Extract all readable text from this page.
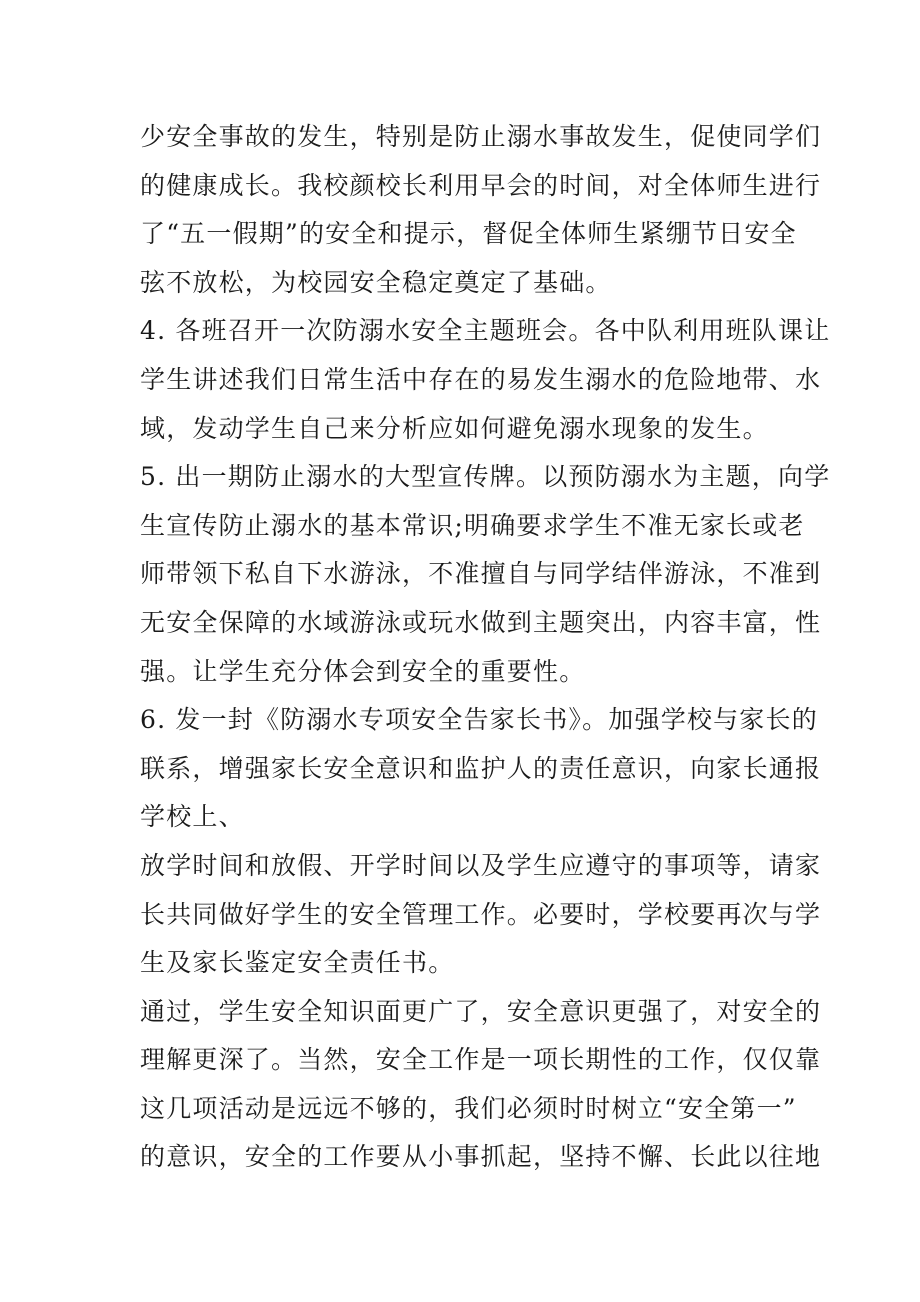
少安全事故的发生，特别是防止溺水事故发生，促使同学们
的健康成长。我校颜校长利用早会的时间，对全体师生进行
了“五一假期”的安全和提示，督促全体师生紧绷节日安全
弦不放松，为校园安全稳定奠定了基础。
4. 各班召开一次防溺水安全主题班会。各中队利用班队课让
学生讲述我们日常生活中存在的易发生溺水的危险地带、水
域，发动学生自己来分析应如何避免溺水现象的发生。
5. 出一期防止溺水的大型宣传牌。以预防溺水为主题，向学
生宣传防止溺水的基本常识;明确要求学生不准无家长或老
师带领下私自下水游泳，不准擅自与同学结伴游泳，不准到
无安全保障的水域游泳或玩水做到主题突出，内容丰富，性
强。让学生充分体会到安全的重要性。
6. 发一封《防溺水专项安全告家长书》。加强学校与家长的
联系，增强家长安全意识和监护人的责任意识，向家长通报
学校上、
放学时间和放假、开学时间以及学生应遵守的事项等，请家
长共同做好学生的安全管理工作。必要时，学校要再次与学
生及家长鉴定安全责任书。
通过，学生安全知识面更广了，安全意识更强了，对安全的
理解更深了。当然，安全工作是一项长期性的工作，仅仅靠
这几项活动是远远不够的，我们必须时时树立“安全第一”
的意识，安全的工作要从小事抓起，坚持不懈、长此以往地
